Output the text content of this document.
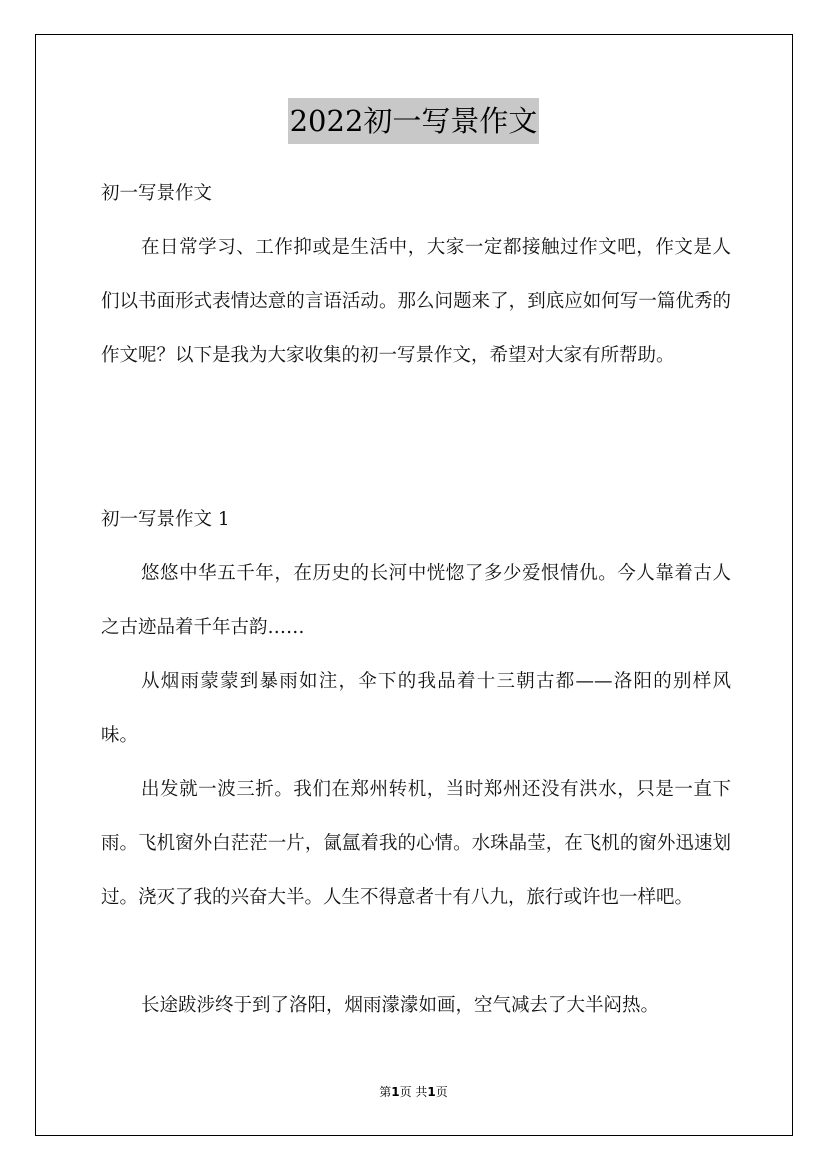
2022初一写景作文

初一写景作文

在日常学习、工作抑或是生活中，大家一定都接触过作文吧，作文是人们以书面形式表情达意的言语活动。那么问题来了，到底应如何写一篇优秀的作文呢？以下是我为大家收集的初一写景作文，希望对大家有所帮助。

初一写景作文 1

悠悠中华五千年，在历史的长河中恍惚了多少爱恨情仇。今人靠着古人之古迹品着千年古韵……

从烟雨蒙蒙到暴雨如注，伞下的我品着十三朝古都——洛阳的别样风味。

出发就一波三折。我们在郑州转机，当时郑州还没有洪水，只是一直下雨。飞机窗外白茫茫一片，氤氲着我的心情。水珠晶莹，在飞机的窗外迅速划过。浇灭了我的兴奋大半。人生不得意者十有八九，旅行或许也一样吧。

长途跋涉终于到了洛阳，烟雨濛濛如画，空气减去了大半闷热。

第1页 共1页
